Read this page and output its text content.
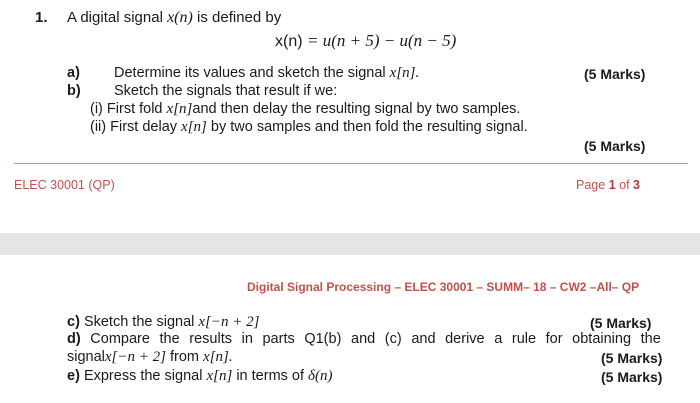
1. A digital signal x(n) is defined by
x(n) = u(n + 5) − u(n − 5)
a) Determine its values and sketch the signal x[n].	(5 Marks)
b) Sketch the signals that result if we:
(i) First fold x[n]and then delay the resulting signal by two samples.
(ii) First delay x[n] by two samples and then fold the resulting signal.
(5 Marks)
ELEC 30001 (QP)	Page 1 of 3
Digital Signal Processing – ELEC 30001 – SUMM– 18 – CW2 –All– QP
c) Sketch the signal x[−n + 2]	(5 Marks)
d) Compare the results in parts Q1(b) and (c) and derive a rule for obtaining the
signalx[−n + 2] from x[n].	(5 Marks)
e) Express the signal x[n] in terms of δ(n)	(5 Marks)
